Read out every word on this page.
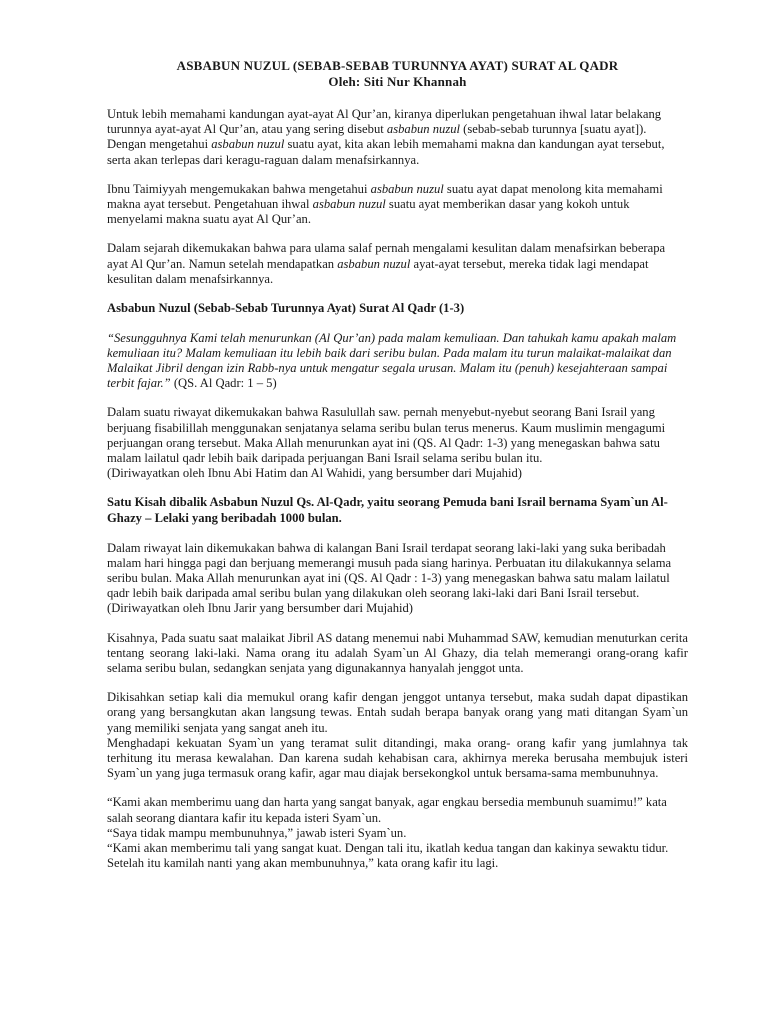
ASBABUN NUZUL (SEBAB-SEBAB TURUNNYA AYAT) SURAT AL QADR
Oleh: Siti Nur Khannah

Untuk lebih memahami kandungan ayat-ayat Al Qur’an, kiranya diperlukan pengetahuan ihwal latar belakang turunnya ayat-ayat Al Qur’an, atau yang sering disebut asbabun nuzul (sebab-sebab turunnya [suatu ayat]). Dengan mengetahui asbabun nuzul suatu ayat, kita akan lebih memahami makna dan kandungan ayat tersebut, serta akan terlepas dari keragu-raguan dalam menafsirkannya.

Ibnu Taimiyyah mengemukakan bahwa mengetahui asbabun nuzul suatu ayat dapat menolong kita memahami makna ayat tersebut. Pengetahuan ihwal asbabun nuzul suatu ayat memberikan dasar yang kokoh untuk menyelami makna suatu ayat Al Qur’an.

Dalam sejarah dikemukakan bahwa para ulama salaf pernah mengalami kesulitan dalam menafsirkan beberapa ayat Al Qur’an. Namun setelah mendapatkan asbabun nuzul ayat-ayat tersebut, mereka tidak lagi mendapat kesulitan dalam menafsirkannya.

Asbabun Nuzul (Sebab-Sebab Turunnya Ayat) Surat Al Qadr (1-3)

“Sesungguhnya Kami telah menurunkan (Al Qur’an) pada malam kemuliaan. Dan tahukah kamu apakah malam kemuliaan itu? Malam kemuliaan itu lebih baik dari seribu bulan. Pada malam itu turun malaikat-malaikat dan Malaikat Jibril dengan izin Rabb-nya untuk mengatur segala urusan. Malam itu (penuh) kesejahteraan sampai terbit fajar.” (QS. Al Qadr: 1 – 5)

Dalam suatu riwayat dikemukakan bahwa Rasulullah saw. pernah menyebut-nyebut seorang Bani Israil yang berjuang fisabilillah menggunakan senjatanya selama seribu bulan terus menerus. Kaum muslimin mengagumi perjuangan orang tersebut. Maka Allah menurunkan ayat ini (QS. Al Qadr: 1-3) yang menegaskan bahwa satu malam lailatul qadr lebih baik daripada perjuangan Bani Israil selama seribu bulan itu.

(Diriwayatkan oleh Ibnu Abi Hatim dan Al Wahidi, yang bersumber dari Mujahid)

Satu Kisah dibalik Asbabun Nuzul Qs. Al-Qadr, yaitu seorang Pemuda bani Israil bernama Syam`un Al-Ghazy – Lelaki yang beribadah 1000 bulan.

Dalam riwayat lain dikemukakan bahwa di kalangan Bani Israil terdapat seorang laki-laki yang suka beribadah malam hari hingga pagi dan berjuang memerangi musuh pada siang harinya. Perbuatan itu dilakukannya selama seribu bulan. Maka Allah menurunkan ayat ini (QS. Al Qadr : 1-3) yang menegaskan bahwa satu malam lailatul qadr lebih baik daripada amal seribu bulan yang dilakukan oleh seorang laki-laki dari Bani Israil tersebut.

(Diriwayatkan oleh Ibnu Jarir yang bersumber dari Mujahid)

Kisahnya, Pada suatu saat malaikat Jibril AS datang menemui nabi Muhammad SAW, kemudian menuturkan cerita tentang seorang laki-laki. Nama orang itu adalah Syam`un Al Ghazy, dia telah memerangi orang-orang kafir selama seribu bulan, sedangkan senjata yang digunakannya hanyalah jenggot unta.

Dikisahkan setiap kali dia memukul orang kafir dengan jenggot untanya tersebut, maka sudah dapat dipastikan orang yang bersangkutan akan langsung tewas. Entah sudah berapa banyak orang yang mati ditangan Syam`un yang memiliki senjata yang sangat aneh itu.

Menghadapi kekuatan Syam`un yang teramat sulit ditandingi, maka orang- orang kafir yang jumlahnya tak terhitung itu merasa kewalahan. Dan karena sudah kehabisan cara, akhirnya mereka berusaha membujuk isteri Syam`un yang juga termasuk orang kafir, agar mau diajak bersekongkol untuk bersama-sama membunuhnya.

“Kami akan memberimu uang dan harta yang sangat banyak, agar engkau bersedia membunuh suamimu!” kata salah seorang diantara kafir itu kepada isteri Syam`un.

“Saya tidak mampu membunuhnya,” jawab isteri Syam`un.

“Kami akan memberimu tali yang sangat kuat. Dengan tali itu, ikatlah kedua tangan dan kakinya sewaktu tidur. Setelah itu kamilah nanti yang akan membunuhnya,” kata orang kafir itu lagi.
